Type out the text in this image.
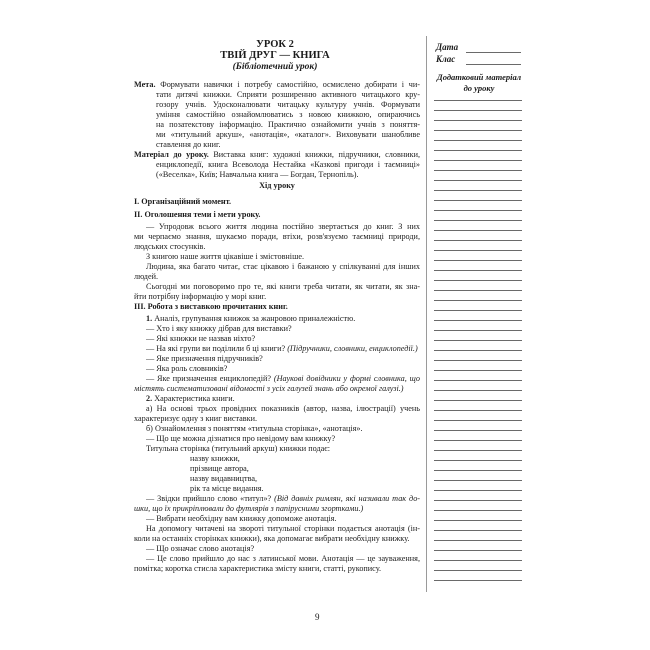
УРОК 2
ТВІЙ ДРУГ — КНИГА
(Бібліотечний урок)
Дата
Клас
Додатковий матеріал до уроку
Мета. Формувати навички і потребу самостійно, осмислено добирати і чи-
тати дитячі книжки. Сприяти розширенню активного читацького кру-
гозору учнів. Удосконалювати читацьку культуру учнів. Формувати
уміння самостійно ознайомлюватись з новою книжкою, опираючись
на позатекстову інформацію. Практично ознайомити учнів з поняття-
ми «титульний аркуш», «анотація», «каталог». Виховувати шанобливе
ставлення до книг.
Матеріал до уроку. Виставка книг: художні книжки, підручники, словники,
енциклопедії, книга Всеволода Нестайка «Казкові пригоди і таємниці»
(«Веселка», Київ; Навчальна книга — Богдан, Тернопіль).
Хід уроку
І. Організаційний момент.
ІІ. Оголошення теми і мети уроку.
— Упродовж всього життя людина постійно звертається до книг. З них
ми черпаємо знання, шукаємо поради, втіхи, розв'язуємо таємниці природи,
людських стосунків.
З книгою наше життя цікавіше і змістовніше.
Людина, яка багато читає, стає цікавою і бажаною у спілкуванні для інших
людей.
Сьогодні ми поговоримо про те, які книги треба читати, як читати, як зна-
йти потрібну інформацію у морі книг.
ІІІ. Робота з виставкою прочитаних книг.
1. Аналіз, групування книжок за жанровою приналежністю.
— Хто і яку книжку дібрав для виставки?
— Які книжки не назвав ніхто?
— На які групи ви поділили б ці книги? (Підручники, словники, енциклопедії.)
— Яке призначення підручників?
— Яка роль словників?
— Яке призначення енциклопедій? (Наукові довідники у формі словника, що
містять систематизовані відомості з усіх галузей знань або окремої галузі.)
2. Характеристика книги.
а) На основі трьох провідних показників (автор, назва, ілюстрації) учень
характеризує одну з книг виставки.
б) Ознайомлення з поняттям «титульна сторінка», «анотація».
— Що ще можна дізнатися про невідому вам книжку?
Титульна сторінка (титульний аркуш) книжки подає:
назву книжки,
прізвище автора,
назву видавництва,
рік та місце видання.
— Звідки прийшло слово «титул»? (Від давніх римлян, які називали так до-
шки, що їх прикріплювали до футлярів з папірусними згортками.)
— Вибрати необхідну вам книжку допоможе анотація.
На допомогу читачеві на звороті титульної сторінки подається анотація (ін-
коли на останніх сторінках книжки), яка допомагає вибрати необхідну книжку.
— Що означає слово анотація?
— Це слово прийшло до нас з латинської мови. Анотація — це зауваження,
помітка; коротка стисла характеристика змісту книги, статті, рукопису.
9
